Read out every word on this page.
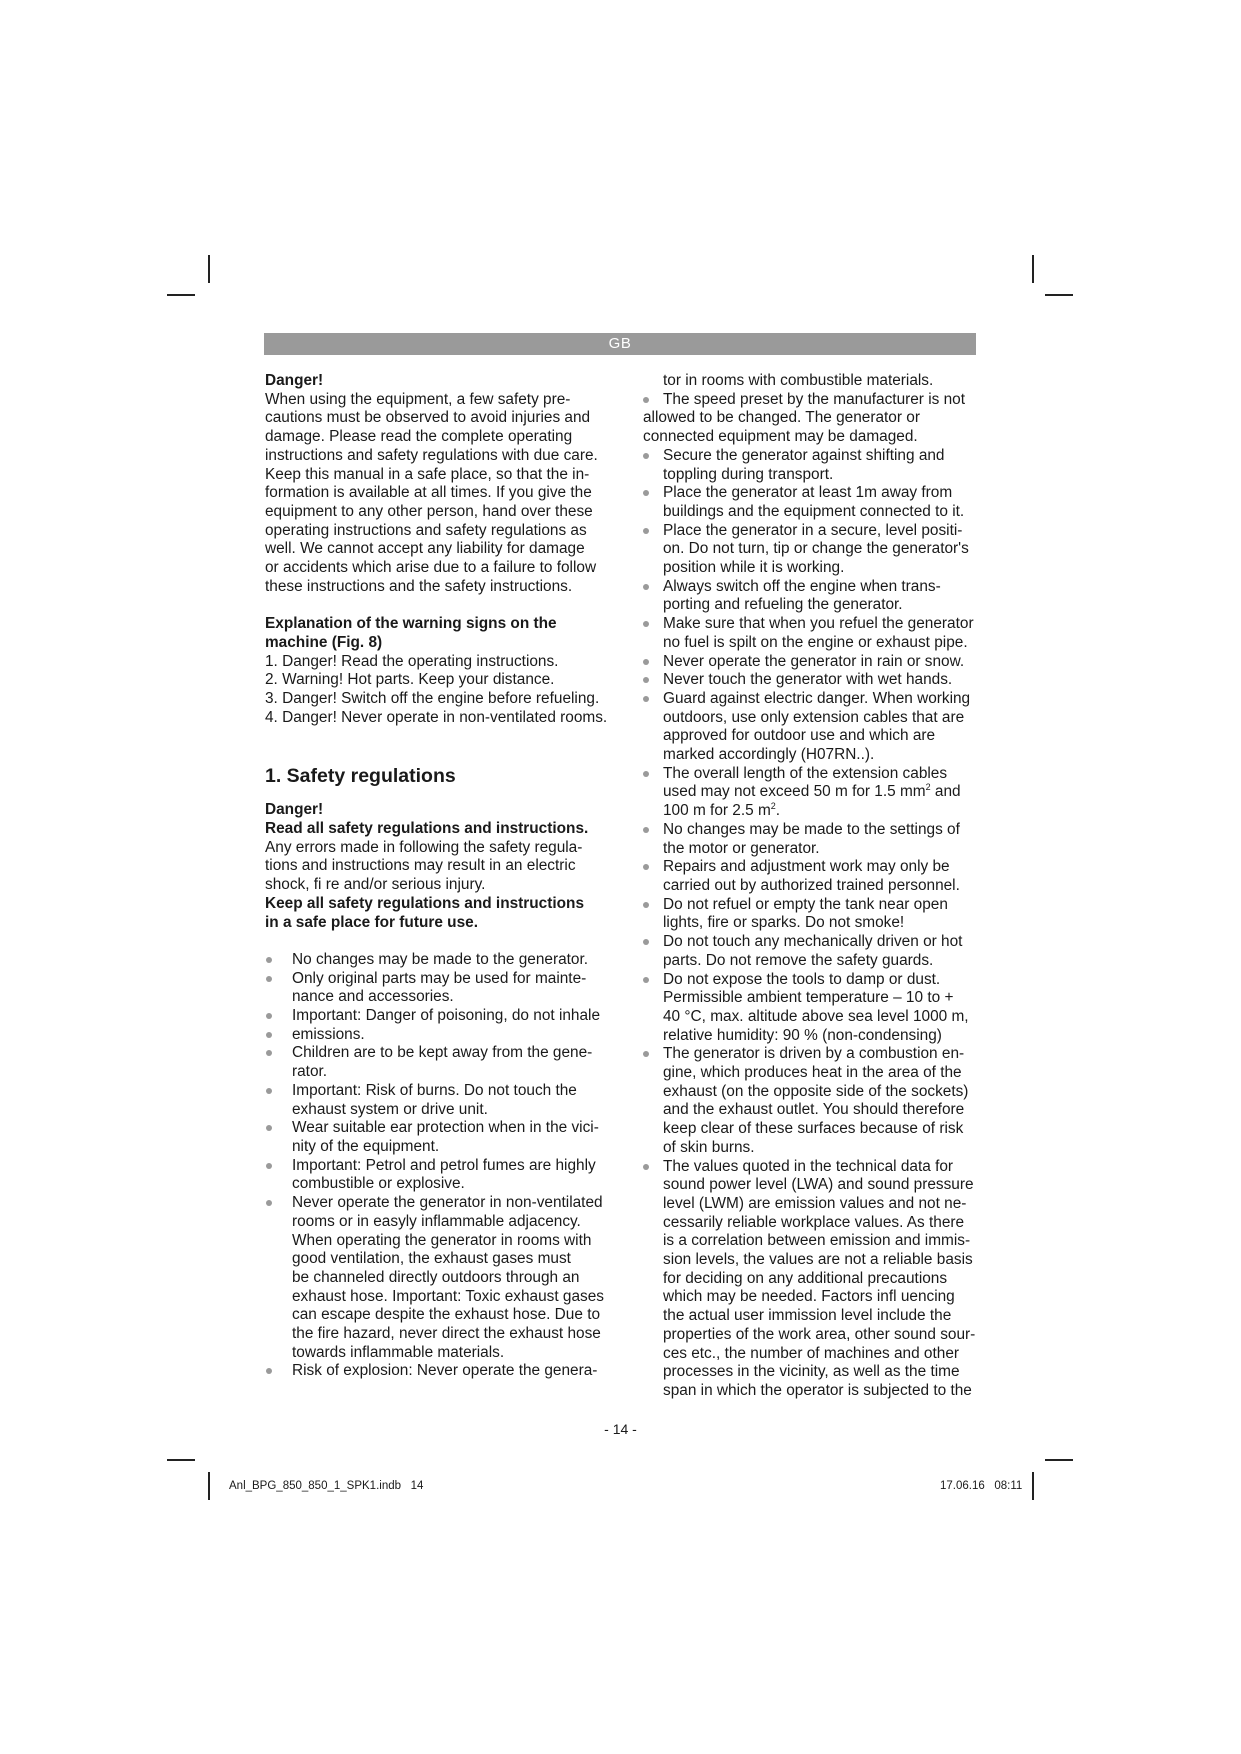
GB

Danger!

When using the equipment, a few safety pre-
cautions must be observed to avoid injuries and
damage. Please read the complete operating
instructions and safety regulations with due care.
Keep this manual in a safe place, so that the in-
formation is available at all times. If you give the
equipment to any other person, hand over these
operating instructions and safety regulations as
well. We cannot accept any liability for damage
or accidents which arise due to a failure to follow
these instructions and the safety instructions.
Explanation of the warning signs on the
machine (Fig. 8)
1. Danger! Read the operating instructions.
2. Warning! Hot parts. Keep your distance.
3. Danger! Switch off the engine before refueling.
4. Danger! Never operate in non-ventilated rooms.

1. Safety regulations

Danger!

Read all safety regulations and instructions.

Any errors made in following the safety regula-
tions and instructions may result in an electric
shock, fi re and/or serious injury.
Keep all safety regulations and instructions
in a safe place for future use.
No changes may be made to the generator.
Only original parts may be used for mainte-
nance and accessories.
Important: Danger of poisoning, do not inhale
emissions.
Children are to be kept away from the gene-
rator.
Important: Risk of burns. Do not touch the
exhaust system or drive unit.
Wear suitable ear protection when in the vici-
nity of the equipment.
Important: Petrol and petrol fumes are highly
combustible or explosive.
Never operate the generator in non-ventilated
rooms or in easyly inflammable adjacency.
When operating the generator in rooms with
good ventilation, the exhaust gases must
be channeled directly outdoors through an
exhaust hose. Important: Toxic exhaust gases
can escape despite the exhaust hose. Due to
the fire hazard, never direct the exhaust hose
towards inflammable materials.
Risk of explosion: Never operate the genera-
tor in rooms with combustible materials.
The speed preset by the manufacturer is not
allowed to be changed. The generator or
connected equipment may be damaged.
Secure the generator against shifting and
toppling during transport.
Place the generator at least 1m away from
buildings and the equipment connected to it.
Place the generator in a secure, level positi-
on. Do not turn, tip or change the generator's
position while it is working.
Always switch off the engine when trans-
porting and refueling the generator.
Make sure that when you refuel the generator
no fuel is spilt on the engine or exhaust pipe.
Never operate the generator in rain or snow.
Never touch the generator with wet hands.
Guard against electric danger. When working
outdoors, use only extension cables that are
approved for outdoor use and which are
marked accordingly (H07RN..).
The overall length of the extension cables
used may not exceed 50 m for 1.5 $mm^2$ and
100 m for 2.5 $m^2$.
No changes may be made to the settings of
the motor or generator.
Repairs and adjustment work may only be
carried out by authorized trained personnel.
Do not refuel or empty the tank near open
lights, fire or sparks. Do not smoke!
Do not touch any mechanically driven or hot
parts. Do not remove the safety guards.
Do not expose the tools to damp or dust.
Permissible ambient temperature – 10 to +
40 °C, max. altitude above sea level 1000 m,
relative humidity: 90 % (non-condensing)
The generator is driven by a combustion en-
gine, which produces heat in the area of the
exhaust (on the opposite side of the sockets)
and the exhaust outlet. You should therefore
keep clear of these surfaces because of risk
of skin burns.
The values quoted in the technical data for
sound power level (LWA) and sound pressure
level (LWM) are emission values and not ne-
cessarily reliable workplace values. As there
is a correlation between emission and immis-
sion levels, the values are not a reliable basis
for deciding on any additional precautions
which may be needed. Factors infl uencing
the actual user immission level include the
properties of the work area, other sound sour-
ces etc., the number of machines and other
processes in the vicinity, as well as the time
span in which the operator is subjected to the
- 14 -
Anl_BPG_850_850_1_SPK1.indb   14	17.06.16   08:11
